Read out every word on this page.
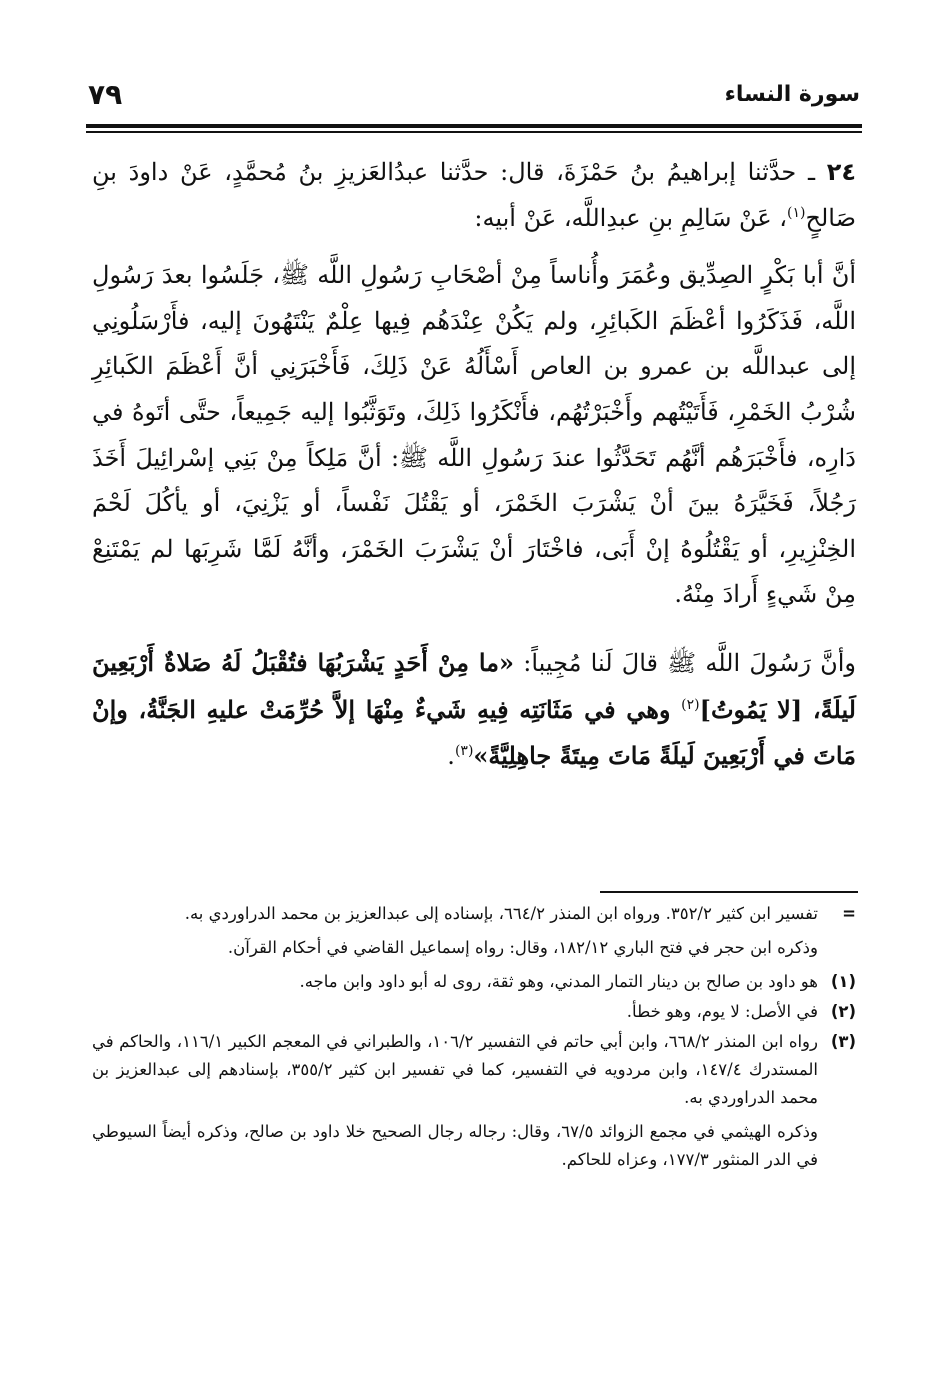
سورة النساء
٧٩

٢٤ ـ حدَّثنا إبراهيمُ بنُ حَمْزَةَ، قال: حدَّثنا عبدُالعَزيزِ بنُ مُحمَّدٍ، عَنْ داودَ بنِ صَالحٍ$^{(١)}$، عَنْ سَالِمِ بنِ عبدِاللَّه، عَنْ أبيه:

أنَّ أبا بَكْرٍ الصِدِّيق وعُمَرَ وأُناساً مِنْ أصْحَابِ رَسُولِ اللَّه ﷺ، جَلَسُوا بعدَ رَسُولِ اللَّه، فَذَكَرُوا أعْظَمَ الكَبائِرِ، ولم يَكُنْ عِنْدَهُم فِيها عِلْمٌ يَنْتَهُونَ إليه، فأَرْسَلُونِي إلى عبداللَّه بن عمرو بن العاص أَسْأَلُهُ عَنْ ذَلِكَ، فَأَخْبَرَنِي أنَّ أَعْظَمَ الكَبائِرِ شُرْبُ الخَمْرِ، فَأَتَيْتُهم وأَخْبَرْتُهُم، فأَنْكَرُوا ذَلِكَ، وتَوَثَّبُوا إليه جَمِيعاً، حتَّى أتَوهُ في دَارِه، فأَخْبَرَهُم أنَّهُم تَحَدَّثُوا عندَ رَسُولِ اللَّه ﷺ: أنَّ مَلِكاً مِنْ بَنِي إسْرائِيلَ أَخَذَ رَجُلاً، فَخَيَّرَهُ بينَ أنْ يَشْرَبَ الخَمْرَ، أو يَقْتُلَ نَفْساً، أو يَزْنِيَ، أو يأكُلَ لَحْمَ الخِنْزِيرِ، أو يَقْتُلُوهُ إنْ أَبَى، فاخْتَارَ أنْ يَشْرَبَ الخَمْرَ، وأنَّهُ لَمَّا شَرِبَها لم يَمْتَنِعْ مِنْ شَيءٍ أَرادَ مِنْهُ.

وأنَّ رَسُولَ اللَّه ﷺ قالَ لَنا مُجِيباً: «ما مِنْ أَحَدٍ يَشْرَبُهَا فتُقْبَلُ لَهُ صَلاةٌ أَرْبَعِينَ لَيلَةً، [لا يَمُوتُ]$^{(٢)}$ وهي في مَثَانَتِه فِيهِ شَيءٌ مِنْهَا إلاَّ حُرِّمَتْ عليهِ الجَنَّةُ، وإنْ مَاتَ في أَرْبَعِينَ لَيلَةً مَاتَ مِيتَةً جاهِلِيَّةً»$^{(٣)}$.

=

تفسير ابن كثير ٣٥٢/٢. ورواه ابن المنذر ٦٦٤/٢، بإسناده إلى عبدالعزيز بن محمد الدراوردي به.

وذكره ابن حجر في فتح الباري ١٨٢/١٢، وقال: رواه إسماعيل القاضي في أحكام القرآن.

(١)

هو داود بن صالح بن دينار التمار المدني، وهو ثقة، روى له أبو داود وابن ماجه.

(٢)

في الأصل: لا يوم، وهو خطأ.

(٣)

رواه ابن المنذر ٦٦٨/٢، وابن أبي حاتم في التفسير ١٠٦/٢، والطبراني في المعجم الكبير ١١٦/١، والحاكم في المستدرك ١٤٧/٤، وابن مردويه في التفسير، كما في تفسير ابن كثير ٣٥٥/٢، بإسنادهم إلى عبدالعزيز بن محمد الدراوردي به.

وذكره الهيثمي في مجمع الزوائد ٦٧/٥، وقال: رجاله رجال الصحيح خلا داود بن صالح، وذكره أيضاً السيوطي في الدر المنثور ١٧٧/٣، وعزاه للحاكم.
